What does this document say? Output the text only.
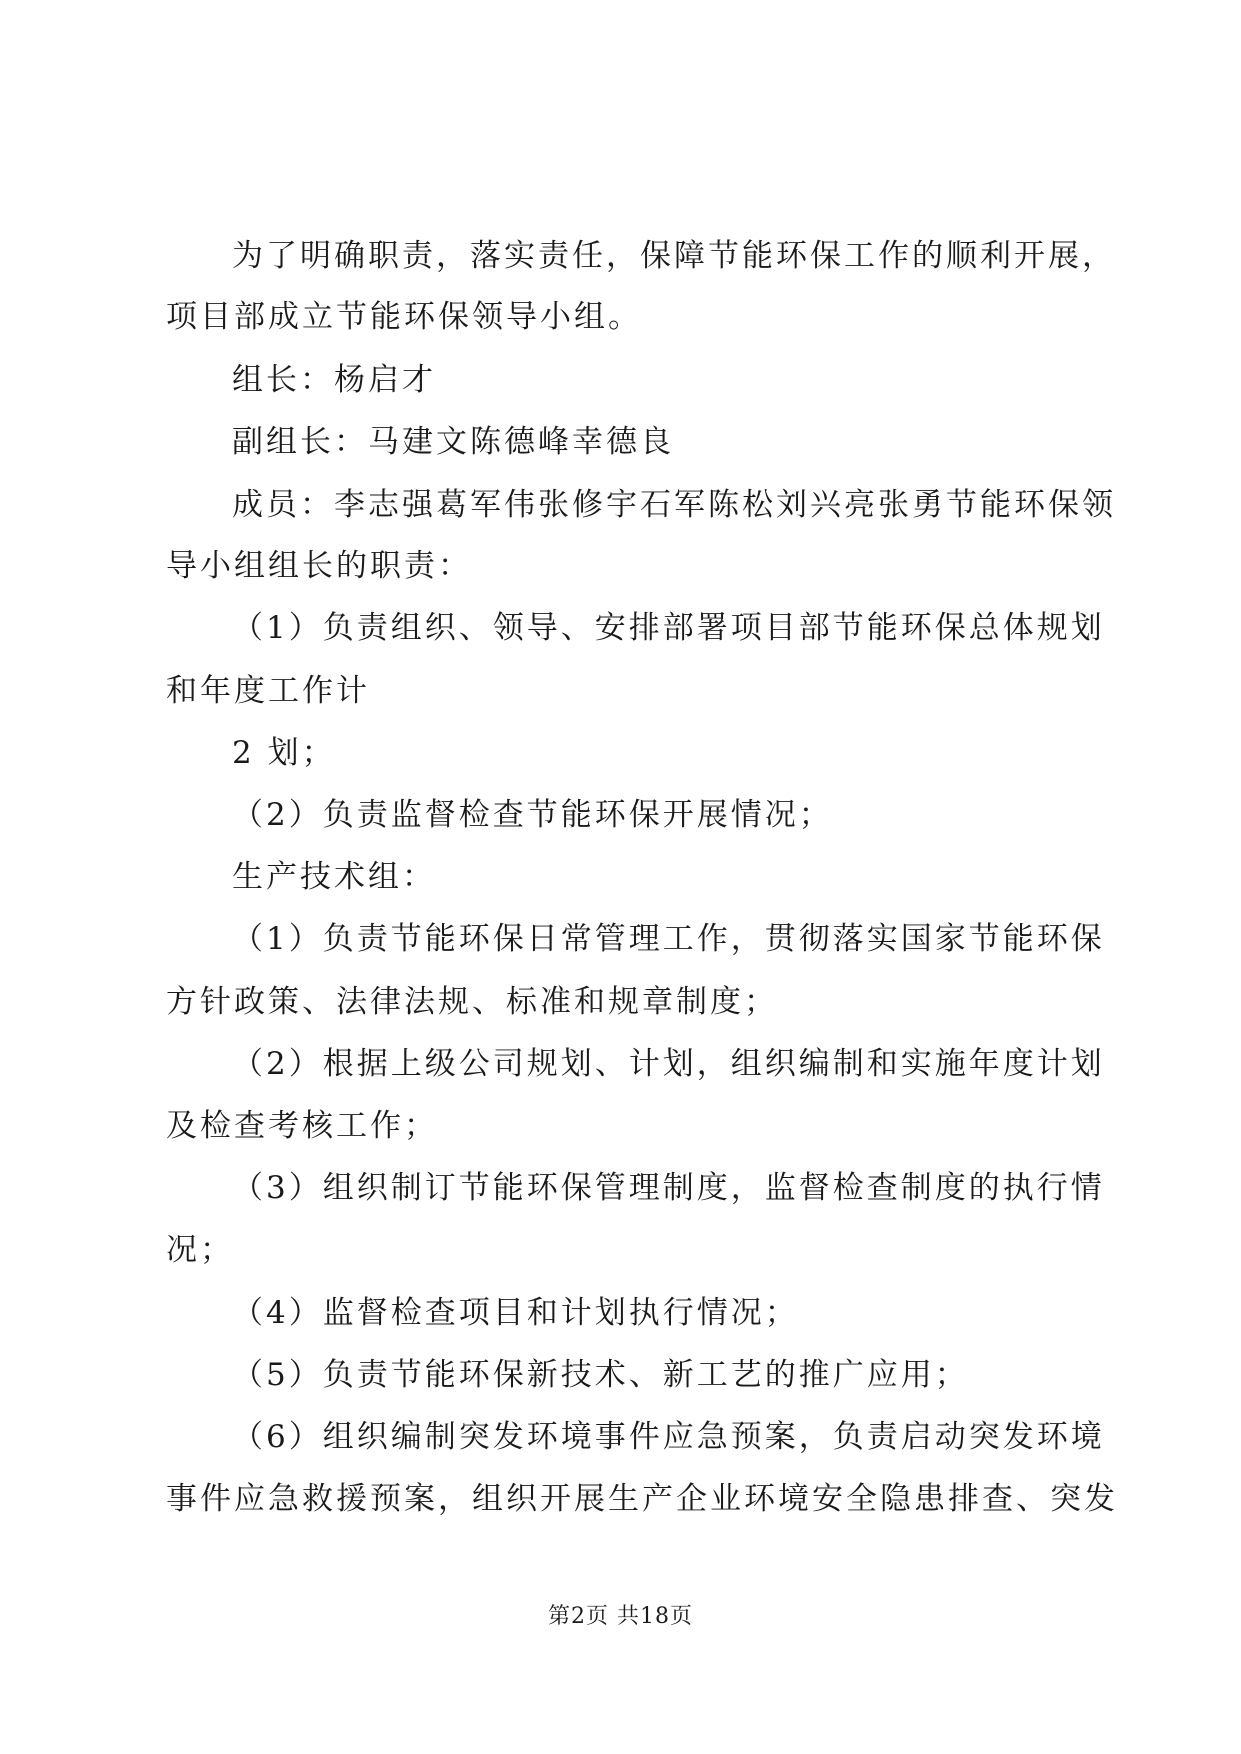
为了明确职责，落实责任，保障节能环保工作的顺利开展，
项目部成立节能环保领导小组。
组长：杨启才
副组长：马建文陈德峰幸德良
成员：李志强葛军伟张修宇石军陈松刘兴亮张勇节能环保领
导小组组长的职责：
（1）负责组织、领导、安排部署项目部节能环保总体规划
和年度工作计
2 划；
（2）负责监督检查节能环保开展情况；
生产技术组：
（1）负责节能环保日常管理工作，贯彻落实国家节能环保
方针政策、法律法规、标准和规章制度；
（2）根据上级公司规划、计划，组织编制和实施年度计划
及检查考核工作；
（3）组织制订节能环保管理制度，监督检查制度的执行情
况；
（4）监督检查项目和计划执行情况；
（5）负责节能环保新技术、新工艺的推广应用；
（6）组织编制突发环境事件应急预案，负责启动突发环境
事件应急救援预案，组织开展生产企业环境安全隐患排查、突发
第2页 共18页
